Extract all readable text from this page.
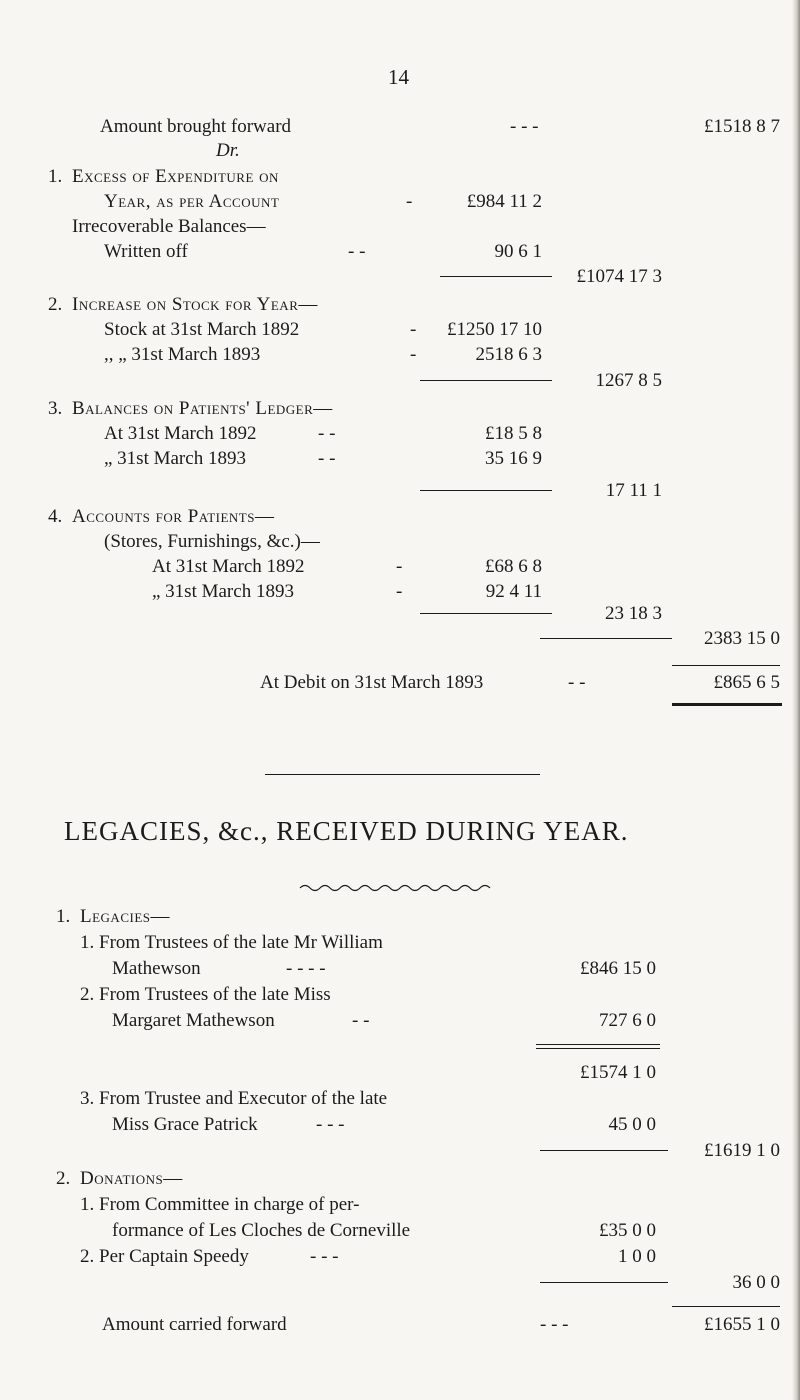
14
Amount brought forward	- - -	£1518 8 7
Dr.
1. Excess of Expenditure on
Year, as per Account	-	£984 11 2
Irrecoverable Balances—
Written off	- -	90 6 1
£1074 17 3
2. Increase on Stock for Year—
Stock at 31st March 1892	-	£1250 17 10
,, „ 31st March 1893	-	2518 6 3
1267 8 5
3. Balances on Patients' Ledger—
At 31st March 1892	- -	£18 5 8
„ 31st March 1893	- -	35 16 9
17 11 1
4. Accounts for Patients—
(Stores, Furnishings, &c.)—
At 31st March 1892	-	£68 6 8
„ 31st March 1893	-	92 4 11
23 18 3
2383 15 0
At Debit on 31st March 1893	- -	£865 6 5
LEGACIES, &c., RECEIVED DURING YEAR.
1. Legacies—
1. From Trustees of the late Mr William
Mathewson	- - - -	£846 15 0
2. From Trustees of the late Miss
Margaret Mathewson	- -	727 6 0
£1574 1 0
3. From Trustee and Executor of the late
Miss Grace Patrick	- - -	45 0 0
£1619 1 0
2. Donations—
1. From Committee in charge of per-
formance of Les Cloches de Corneville	£35 0 0
2. Per Captain Speedy	- - -	1 0 0
36 0 0
Amount carried forward	- - -	£1655 1 0
